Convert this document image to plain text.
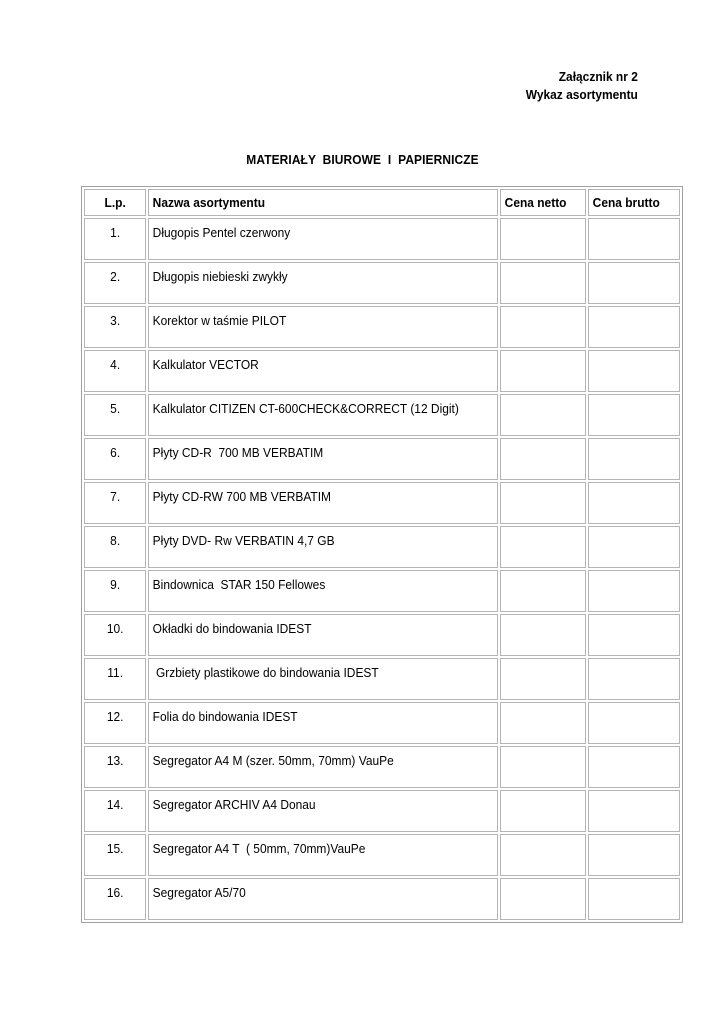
Załącznik nr 2
Wykaz asortymentu
MATERIAŁY  BIUROWE  I  PAPIERNICZE
L.p.	Nazwa asortymentu	Cena netto	Cena brutto

1.	Długopis Pentel czerwony		

2.	Długopis niebieski zwykły		

3.	Korektor w taśmie PILOT		

4.	Kalkulator VECTOR		

5.	Kalkulator CITIZEN CT-600CHECK&CORRECT (12 Digit)		

6.	Płyty CD-R  700 MB VERBATIM		

7.	Płyty CD-RW 700 MB VERBATIM		

8.	Płyty DVD- Rw VERBATIN 4,7 GB		

9.	Bindownica  STAR 150 Fellowes		

10.	Okładki do bindowania IDEST		

11.	Grzbiety plastikowe do bindowania IDEST		

12.	Folia do bindowania IDEST		

13.	Segregator A4 M (szer. 50mm, 70mm) VauPe		

14.	Segregator ARCHIV A4 Donau		

15.	Segregator A4 T  ( 50mm, 70mm)VauPe		

16.	Segregator A5/70		
